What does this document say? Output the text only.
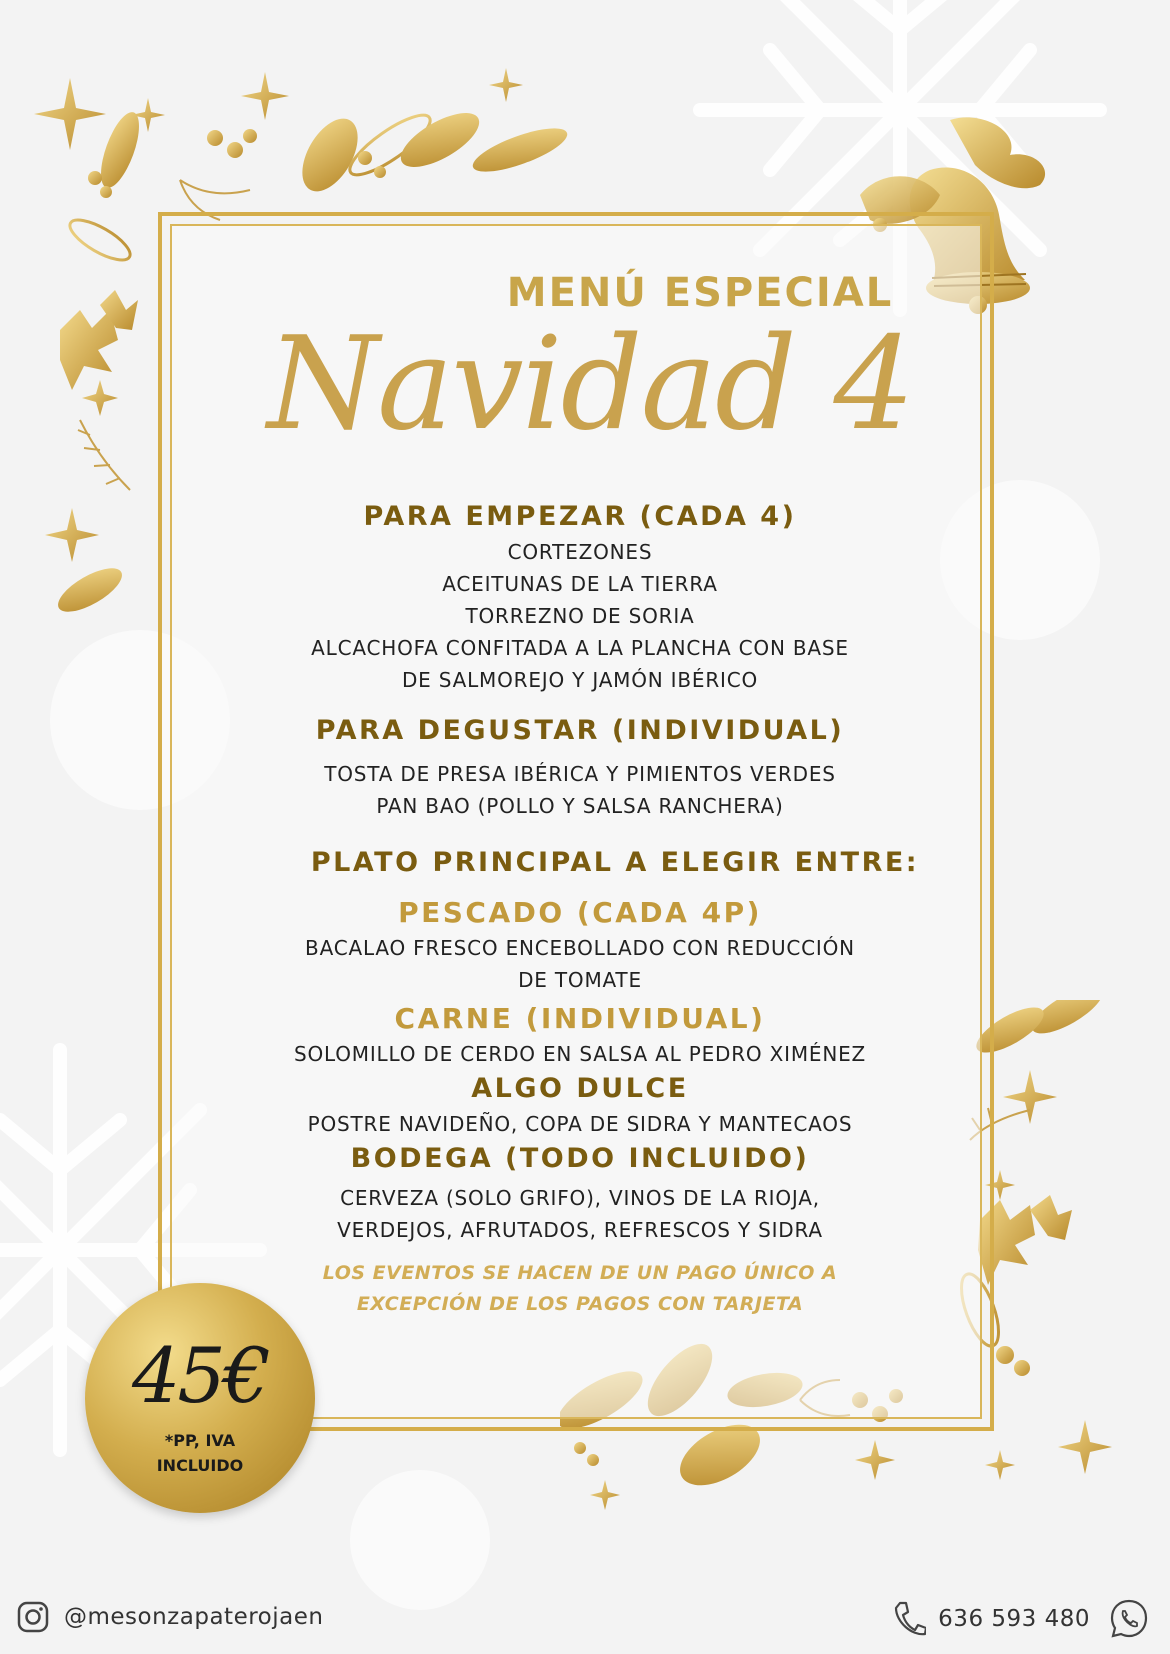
MENÚ ESPECIAL
Navidad 4

PARA EMPEZAR (CADA 4)

CORTEZONES

ACEITUNAS DE LA TIERRA

TORREZNO DE SORIA

ALCACHOFA CONFITADA A LA PLANCHA CON BASE

DE SALMOREJO Y JAMÓN IBÉRICO

PARA DEGUSTAR (INDIVIDUAL)

TOSTA DE PRESA IBÉRICA Y PIMIENTOS VERDES

PAN BAO (POLLO Y SALSA RANCHERA)

PLATO PRINCIPAL A ELEGIR ENTRE:

PESCADO (CADA 4P)

BACALAO FRESCO ENCEBOLLADO CON REDUCCIÓN

DE TOMATE

CARNE (INDIVIDUAL)

SOLOMILLO DE CERDO EN SALSA AL PEDRO XIMÉNEZ

ALGO DULCE

POSTRE NAVIDEÑO, COPA DE SIDRA Y MANTECAOS

BODEGA (TODO INCLUIDO)

CERVEZA (SOLO GRIFO), VINOS DE LA RIOJA,

VERDEJOS, AFRUTADOS, REFRESCOS Y SIDRA

LOS EVENTOS SE HACEN DE UN PAGO ÚNICO A

EXCEPCIÓN DE LOS PAGOS CON TARJETA

45€
*PP, IVA
INCLUIDO
@mesonzapaterojaen	636 593 480
